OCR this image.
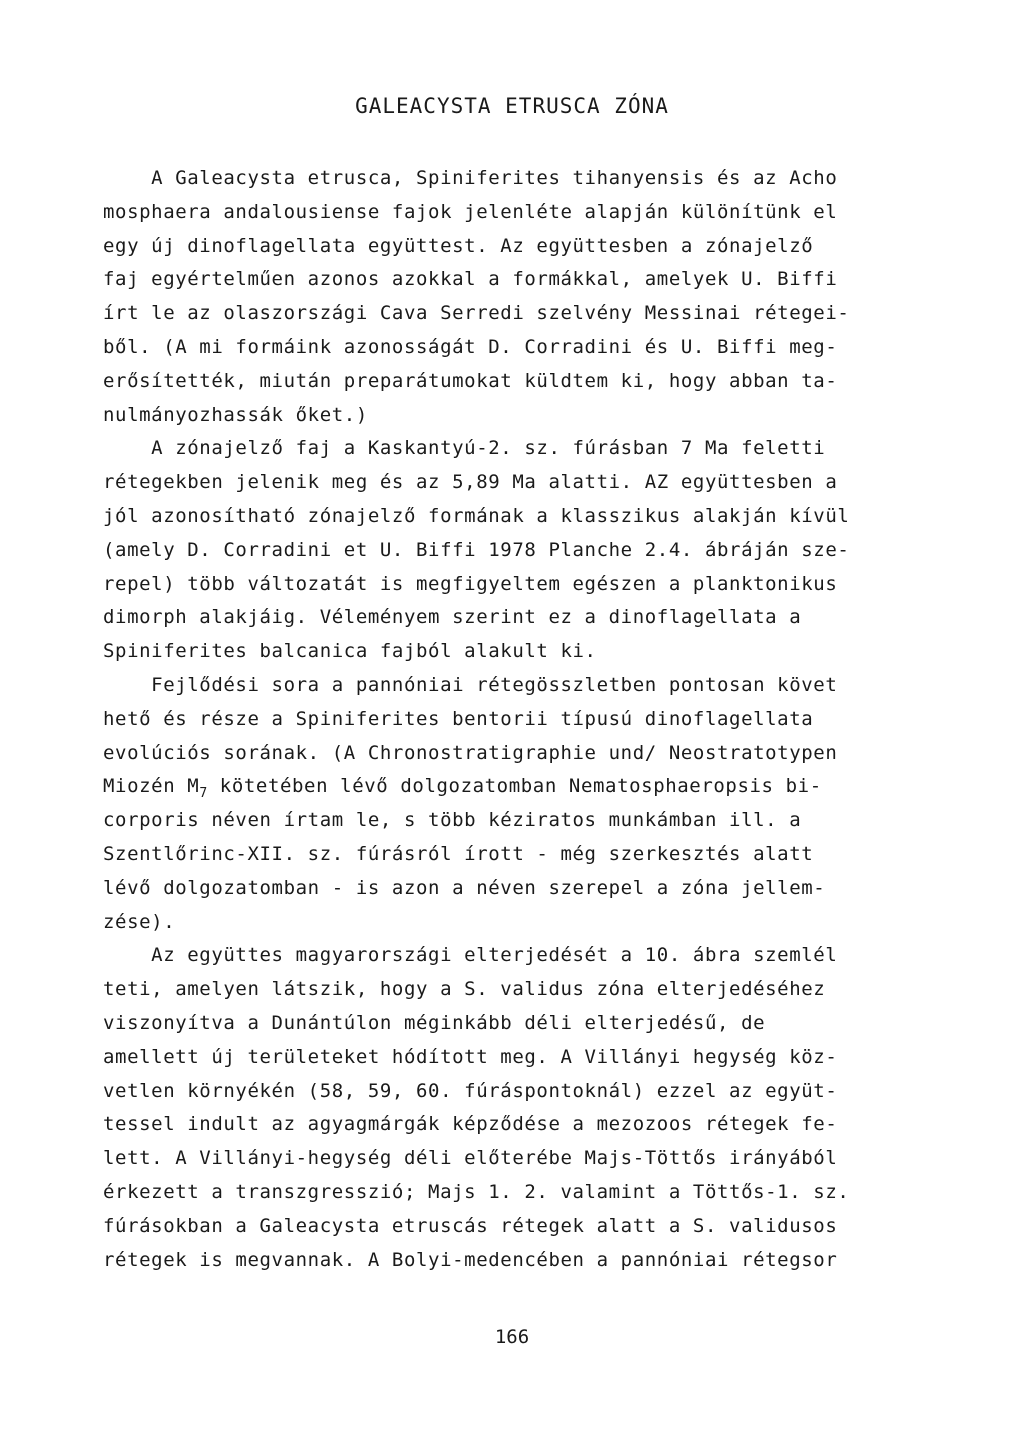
GALEACYSTA ETRUSCA ZÓNA
A Galeacysta etrusca, Spiniferites tihanyensis és az Acho
mosphaera andalousiense fajok jelenléte alapján különítünk el
egy új dinoflagellata együttest. Az együttesben a zónajelző
faj egyértelműen azonos azokkal a formákkal, amelyek U. Biffi
írt le az olaszországi Cava Serredi szelvény Messinai rétegei-
ből. (A mi formáink azonosságát D. Corradini és U. Biffi meg-
erősítették, miután preparátumokat küldtem ki, hogy abban ta-
nulmányozhassák őket.)
A zónajelző faj a Kaskantyú-2. sz. fúrásban 7 Ma feletti
rétegekben jelenik meg és az 5,89 Ma alatti. AZ együttesben a
jól azonosítható zónajelző formának a klasszikus alakján kívül
(amely D. Corradini et U. Biffi 1978 Planche 2.4. ábráján sze-
repel) több változatát is megfigyeltem egészen a planktonikus
dimorph alakjáig. Véleményem szerint ez a dinoflagellata a
Spiniferites balcanica fajból alakult ki.
Fejlődési sora a pannóniai rétegösszletben pontosan követ
hető és része a Spiniferites bentorii típusú dinoflagellata
evolúciós sorának. (A Chronostratigraphie und/ Neostratotypen
Miozén $M_7$ kötetében lévő dolgozatomban Nematosphaeropsis bi-
corporis néven írtam le, s több kéziratos munkámban ill. a
Szentlőrinc-XII. sz. fúrásról írott - még szerkesztés alatt
lévő dolgozatomban - is azon a néven szerepel a zóna jellem-
zése).
Az együttes magyarországi elterjedését a 10. ábra szemlél
teti, amelyen látszik, hogy a S. validus zóna elterjedéséhez
viszonyítva a Dunántúlon méginkább déli elterjedésű, de
amellett új területeket hódított meg. A Villányi hegység köz-
vetlen környékén (58, 59, 60. fúráspontoknál) ezzel az együt-
tessel indult az agyagmárgák képződése a mezozoos rétegek fe-
lett. A Villányi-hegység déli előterébe Majs-Töttős irányából
érkezett a transzgresszió; Majs 1. 2. valamint a Töttős-1. sz.
fúrásokban a Galeacysta etruscás rétegek alatt a S. validusos
rétegek is megvannak. A Bolyi-medencében a pannóniai rétegsor
166
